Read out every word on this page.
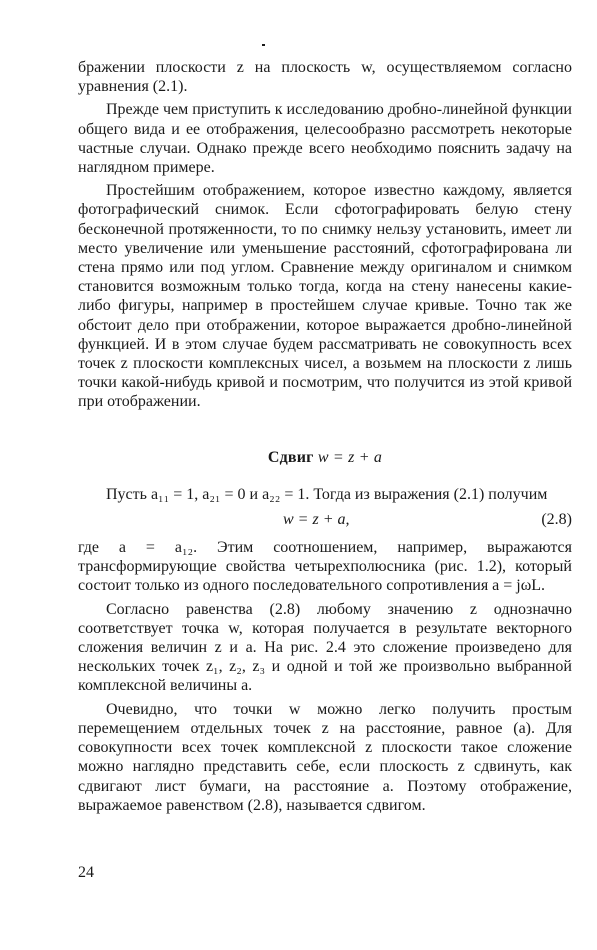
бражении плоскости z на плоскость w, осуществляемом согласно уравнения (2.1).

Прежде чем приступить к исследованию дробно-линейной функции общего вида и ее отображения, целесообразно рассмотреть некоторые частные случаи. Однако прежде всего необходимо пояснить задачу на наглядном примере.

Простейшим отображением, которое известно каждому, является фотографический снимок. Если сфотографировать белую стену бесконечной протяженности, то по снимку нельзу установить, имеет ли место увеличение или уменьшение расстояний, сфотографирована ли стена прямо или под углом. Сравнение между оригиналом и снимком становится возможным только тогда, когда на стену нанесены какие-либо фигуры, например в простейшем случае кривые. Точно так же обстоит дело при отображении, которое выражается дробно-линейной функцией. И в этом случае будем рассматривать не совокупность всех точек z плоскости комплексных чисел, а возьмем на плоскости z лишь точки какой-нибудь кривой и посмотрим, что получится из этой кривой при отображении.

Сдвиг w = z + a

Пусть a₁₁ = 1, a₂₁ = 0 и a₂₂ = 1. Тогда из выражения (2.1) получим

w = z + a,	(2.8)

где a = a₁₂. Этим соотношением, например, выражаются трансформирующие свойства четырехполюсника (рис. 1.2), который состоит только из одного последовательного сопротивления a = jωL.

Согласно равенства (2.8) любому значению z однозначно соответствует точка w, которая получается в результате векторного сложения величин z и a. На рис. 2.4 это сложение произведено для нескольких точек z₁, z₂, z₃ и одной и той же произвольно выбранной комплексной величины a.

Очевидно, что точки w можно легко получить простым перемещением отдельных точек z на расстояние, равное (a). Для совокупности всех точек комплексной z плоскости такое сложение можно наглядно представить себе, если плоскость z сдвинуть, как сдвигают лист бумаги, на расстояние a. Поэтому отображение, выражаемое равенством (2.8), называется сдвигом.

24
